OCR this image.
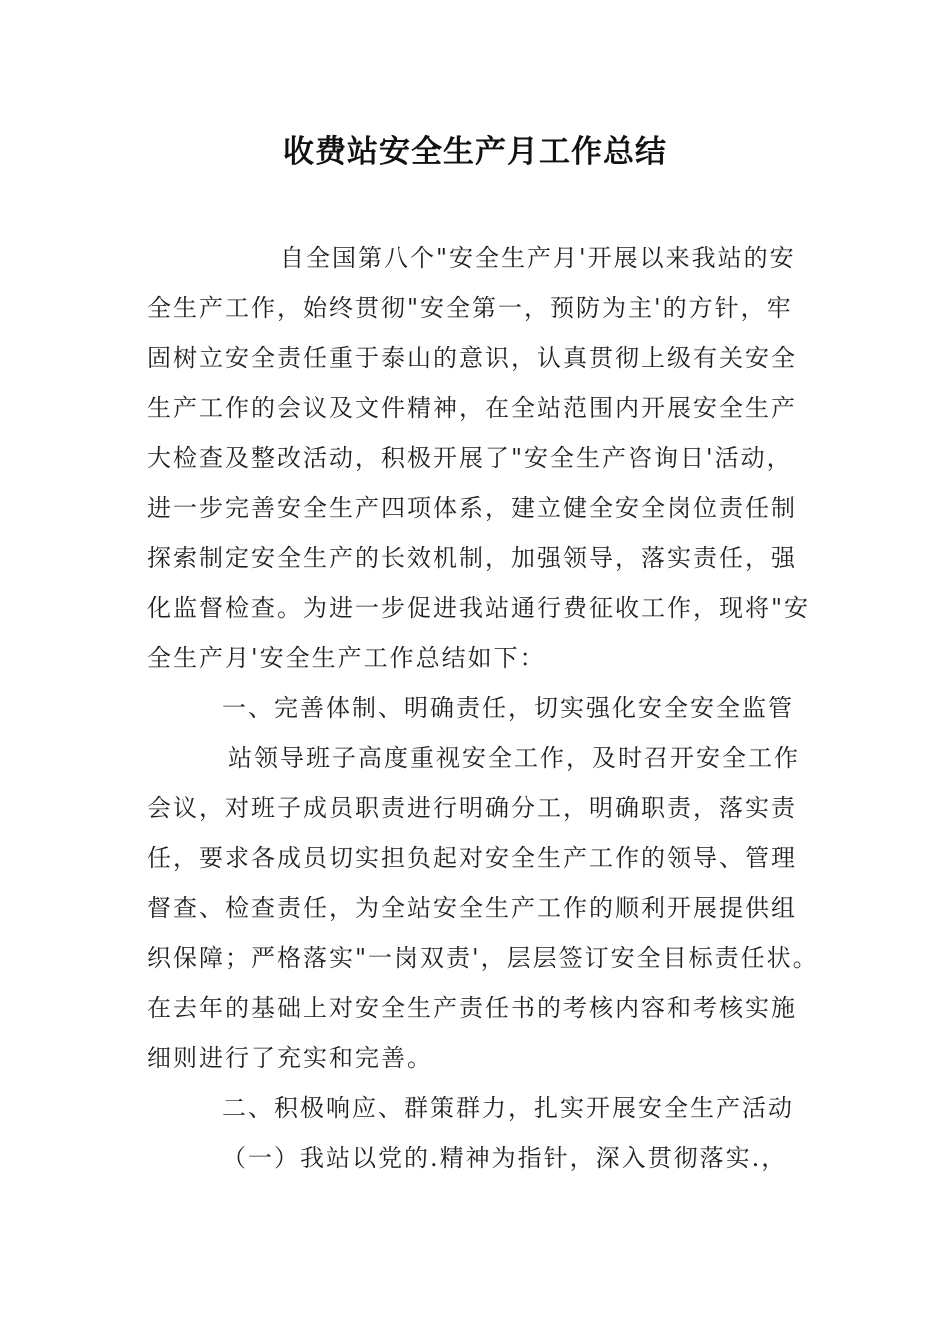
收费站安全生产月工作总结
自全国第八个"安全生产月'开展以来我站的安
全生产工作，始终贯彻"安全第一，预防为主'的方针，牢
固树立安全责任重于泰山的意识，认真贯彻上级有关安全
生产工作的会议及文件精神，在全站范围内开展安全生产
大检查及整改活动，积极开展了"安全生产咨询日'活动，
进一步完善安全生产四项体系，建立健全安全岗位责任制
探索制定安全生产的长效机制，加强领导，落实责任，强
化监督检查。为进一步促进我站通行费征收工作，现将"安
全生产月'安全生产工作总结如下：
一、完善体制、明确责任，切实强化安全安全监管
站领导班子高度重视安全工作，及时召开安全工作
会议，对班子成员职责进行明确分工，明确职责，落实责
任，要求各成员切实担负起对安全生产工作的领导、管理
督查、检查责任，为全站安全生产工作的顺利开展提供组
织保障；严格落实"一岗双责'，层层签订安全目标责任状。
在去年的基础上对安全生产责任书的考核内容和考核实施
细则进行了充实和完善。
二、积极响应、群策群力，扎实开展安全生产活动
（一）我站以党的.精神为指针，深入贯彻落实.，
